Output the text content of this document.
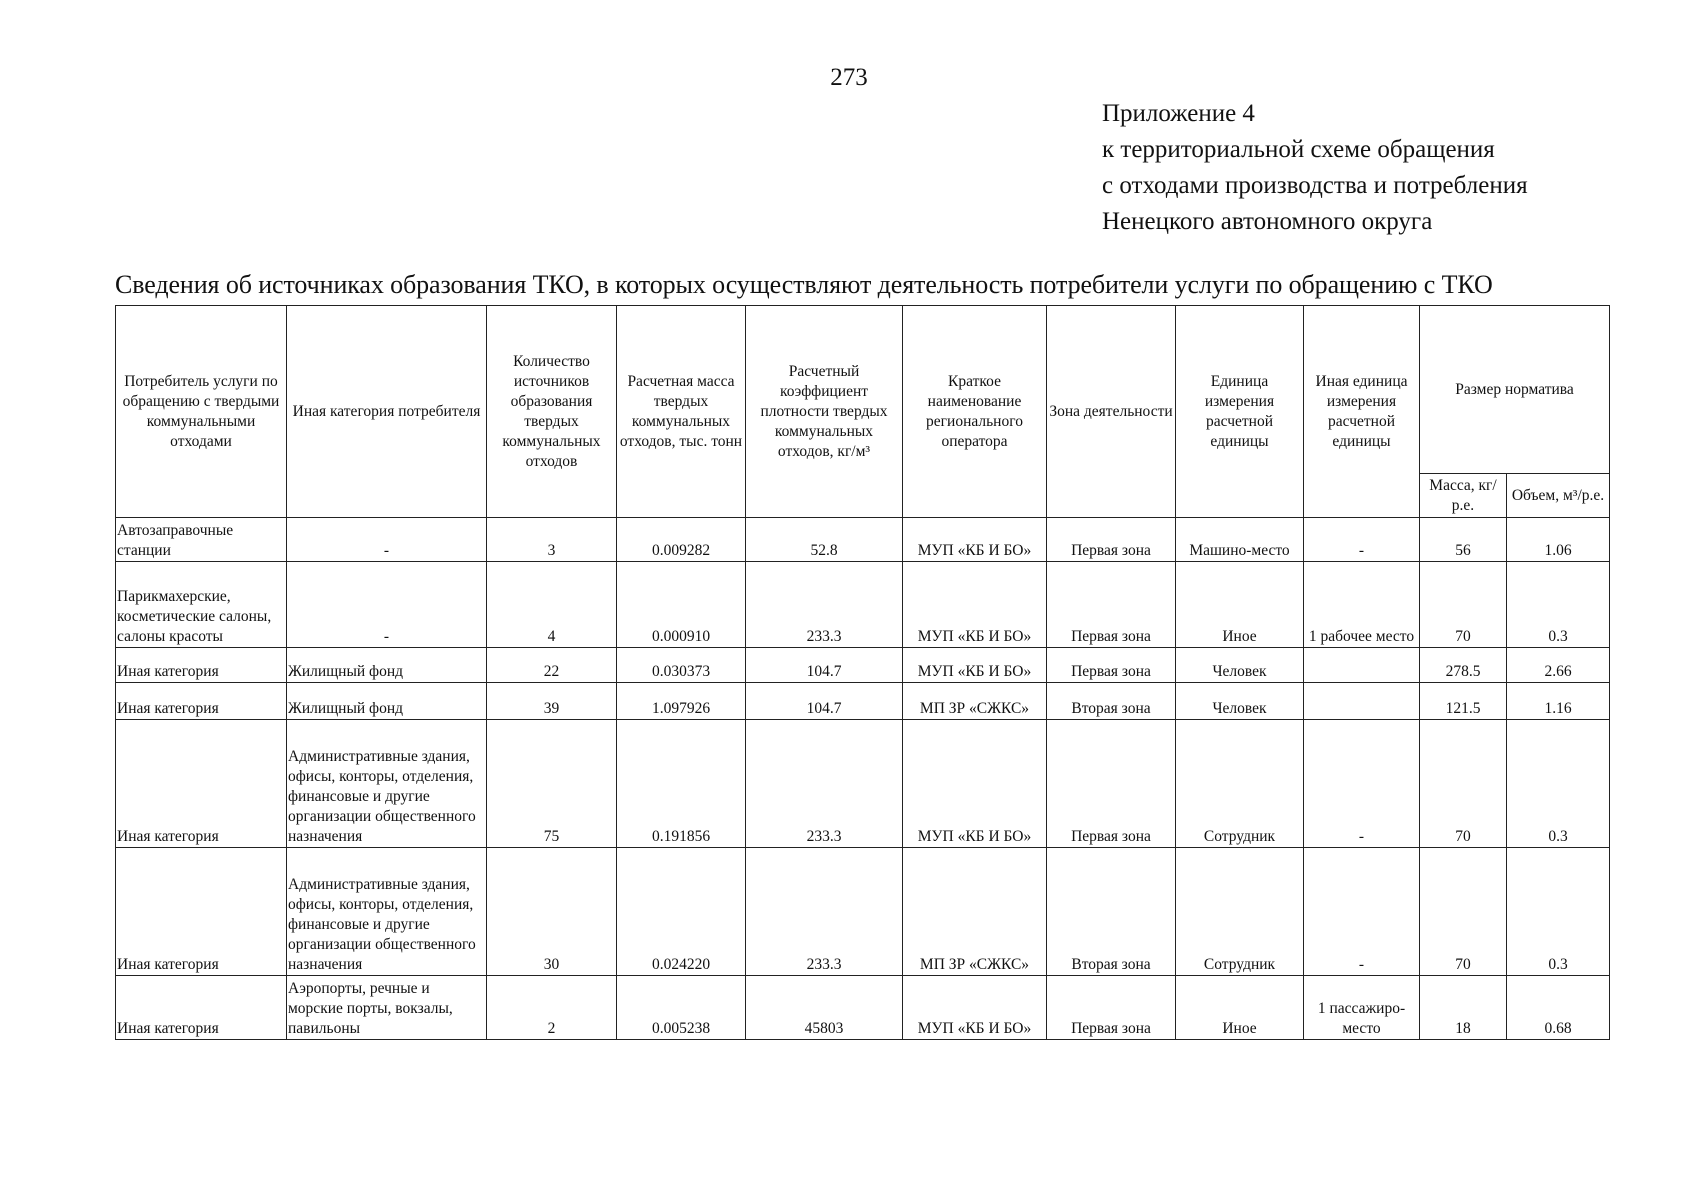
273
Приложение 4
к территориальной схеме обращения
с отходами производства и потребления
Ненецкого автономного округа
Сведения об источниках образования ТКО, в которых осуществляют деятельность потребители услуги по обращению с ТКО
Потребитель услуги по обращению с твердыми коммунальными отходами	Иная категория потребителя	Количество источников образования твердых коммунальных отходов	Расчетная масса твердых коммунальных отходов, тыс. тонн	Расчетный коэффициент плотности твердых коммунальных отходов, кг/м³	Краткое наименование регионального оператора	Зона деятельности	Единица измерения расчетной единицы	Иная единица измерения расчетной единицы	Размер норматива	
									Масса, кг/р.е.	Объем, м³/р.е.
Автозаправочные станции	-	3	0.009282	52.8	МУП «КБ И БО»	Первая зона	Машино-место	-	56	1.06
Парикмахерские, косметические салоны, салоны красоты	-	4	0.000910	233.3	МУП «КБ И БО»	Первая зона	Иное	1 рабочее место	70	0.3
Иная категория	Жилищный фонд	22	0.030373	104.7	МУП «КБ И БО»	Первая зона	Человек		278.5	2.66
Иная категория	Жилищный фонд	39	1.097926	104.7	МП ЗР «СЖКС»	Вторая зона	Человек		121.5	1.16
Иная категория	Административные здания, офисы, конторы, отделения, финансовые и другие организации общественного назначения	75	0.191856	233.3	МУП «КБ И БО»	Первая зона	Сотрудник	-	70	0.3
Иная категория	Административные здания, офисы, конторы, отделения, финансовые и другие организации общественного назначения	30	0.024220	233.3	МП ЗР «СЖКС»	Вторая зона	Сотрудник	-	70	0.3
Иная категория	Аэропорты, речные и морские порты, вокзалы, павильоны	2	0.005238	45803	МУП «КБ И БО»	Первая зона	Иное	1 пассажиро-место	18	0.68
